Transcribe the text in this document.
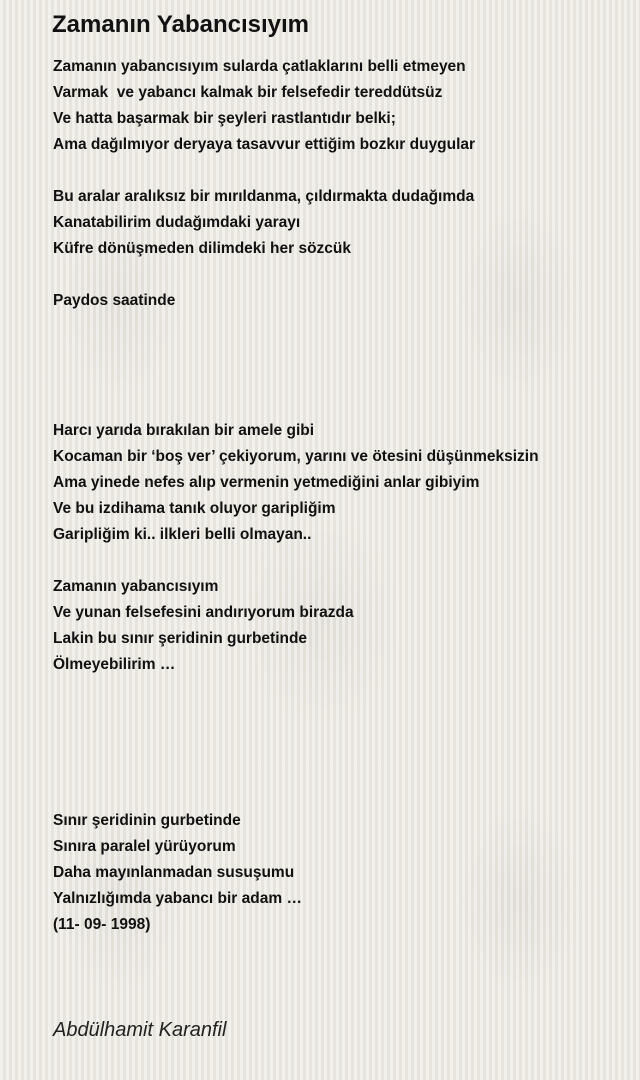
Zamanın Yabancısıyım
Zamanın yabancısıyım sularda çatlaklarını belli etmeyen
Varmak  ve yabancı kalmak bir felsefedir tereddütsüz
Ve hatta başarmak bir şeyleri rastlantıdır belki;
Ama dağılmıyor deryaya tasavvur ettiğim bozkır duygular
Bu aralar aralıksız bir mırıldanma, çıldırmakta dudağımda
Kanatabilirim dudağımdaki yarayı
Küfre dönüşmeden dilimdeki her sözcük
Paydos saatinde
Harcı yarıda bırakılan bir amele gibi
Kocaman bir ‘boş ver’ çekiyorum, yarını ve ötesini düşünmeksizin
Ama yinede nefes alıp vermenin yetmediğini anlar gibiyim
Ve bu izdihama tanık oluyor garipliğim
Garipliğim ki.. ilkleri belli olmayan..
Zamanın yabancısıyım
Ve yunan felsefesini andırıyorum birazda
Lakin bu sınır şeridinin gurbetinde
Ölmeyebilirim …
Sınır şeridinin gurbetinde
Sınıra paralel yürüyorum
Daha mayınlanmadan susuşumu
Yalnızlığımda yabancı bir adam …
(11- 09- 1998)
Abdülhamit Karanfil
